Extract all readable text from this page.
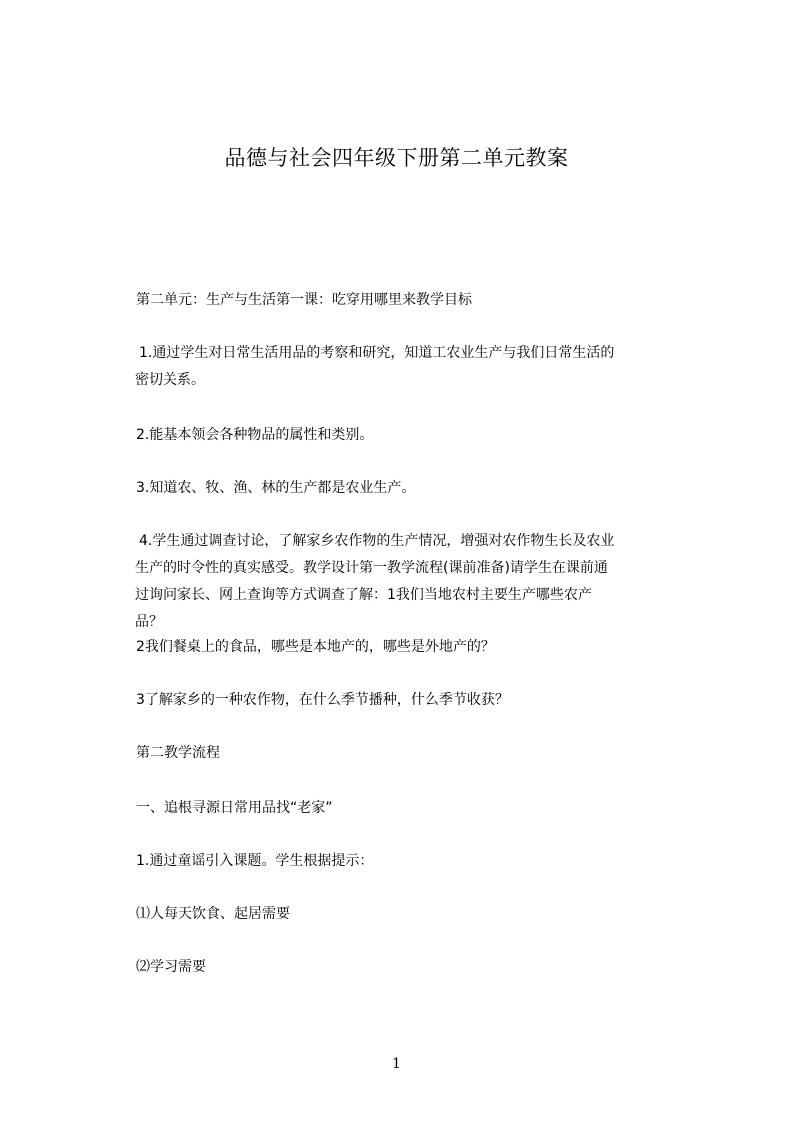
品德与社会四年级下册第二单元教案
第二单元：生产与生活第一课：吃穿用哪里来教学目标
1.通过学生对日常生活用品的考察和研究，知道工农业生产与我们日常生活的密切关系。
2.能基本领会各种物品的属性和类别。
3.知道农、牧、渔、林的生产都是农业生产。
4.学生通过调查讨论，了解家乡农作物的生产情况，增强对农作物生长及农业生产的时令性的真实感受。教学设计第一教学流程(课前准备)请学生在课前通过询问家长、网上查询等方式调查了解：1我们当地农村主要生产哪些农产品？
2我们餐桌上的食品，哪些是本地产的，哪些是外地产的？
3了解家乡的一种农作物，在什么季节播种，什么季节收获？
第二教学流程
一、追根寻源日常用品找“老家”
1.通过童谣引入课题。学生根据提示：
⑴人每天饮食、起居需要
⑵学习需要
1
